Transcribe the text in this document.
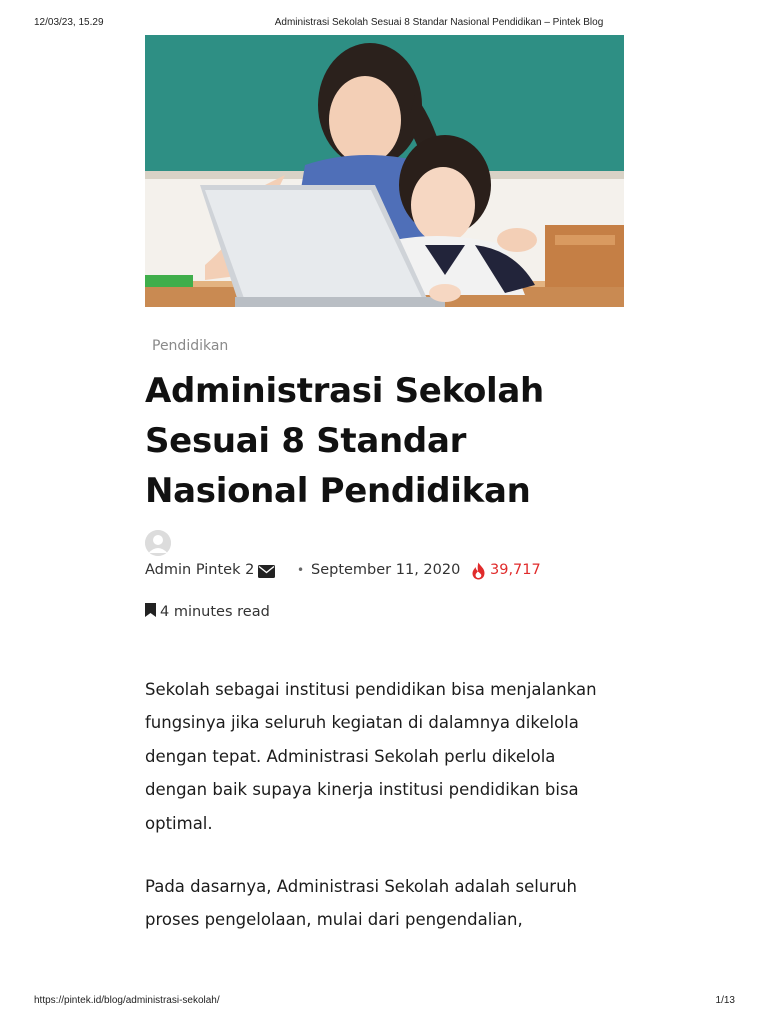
12/03/23, 15.29	Administrasi Sekolah Sesuai 8 Standar Nasional Pendidikan – Pintek Blog
Pendidikan
Administrasi Sekolah Sesuai 8 Standar Nasional Pendidikan
Admin Pintek 2	• September 11, 2020 39,717
4 minutes read

Sekolah sebagai institusi pendidikan bisa menjalankan fungsinya jika seluruh kegiatan di dalamnya dikelola dengan tepat. Administrasi Sekolah perlu dikelola dengan baik supaya kinerja institusi pendidikan bisa optimal.

Pada dasarnya, Administrasi Sekolah adalah seluruh proses pengelolaan, mulai dari pengendalian,

https://pintek.id/blog/administrasi-sekolah/	1/13
